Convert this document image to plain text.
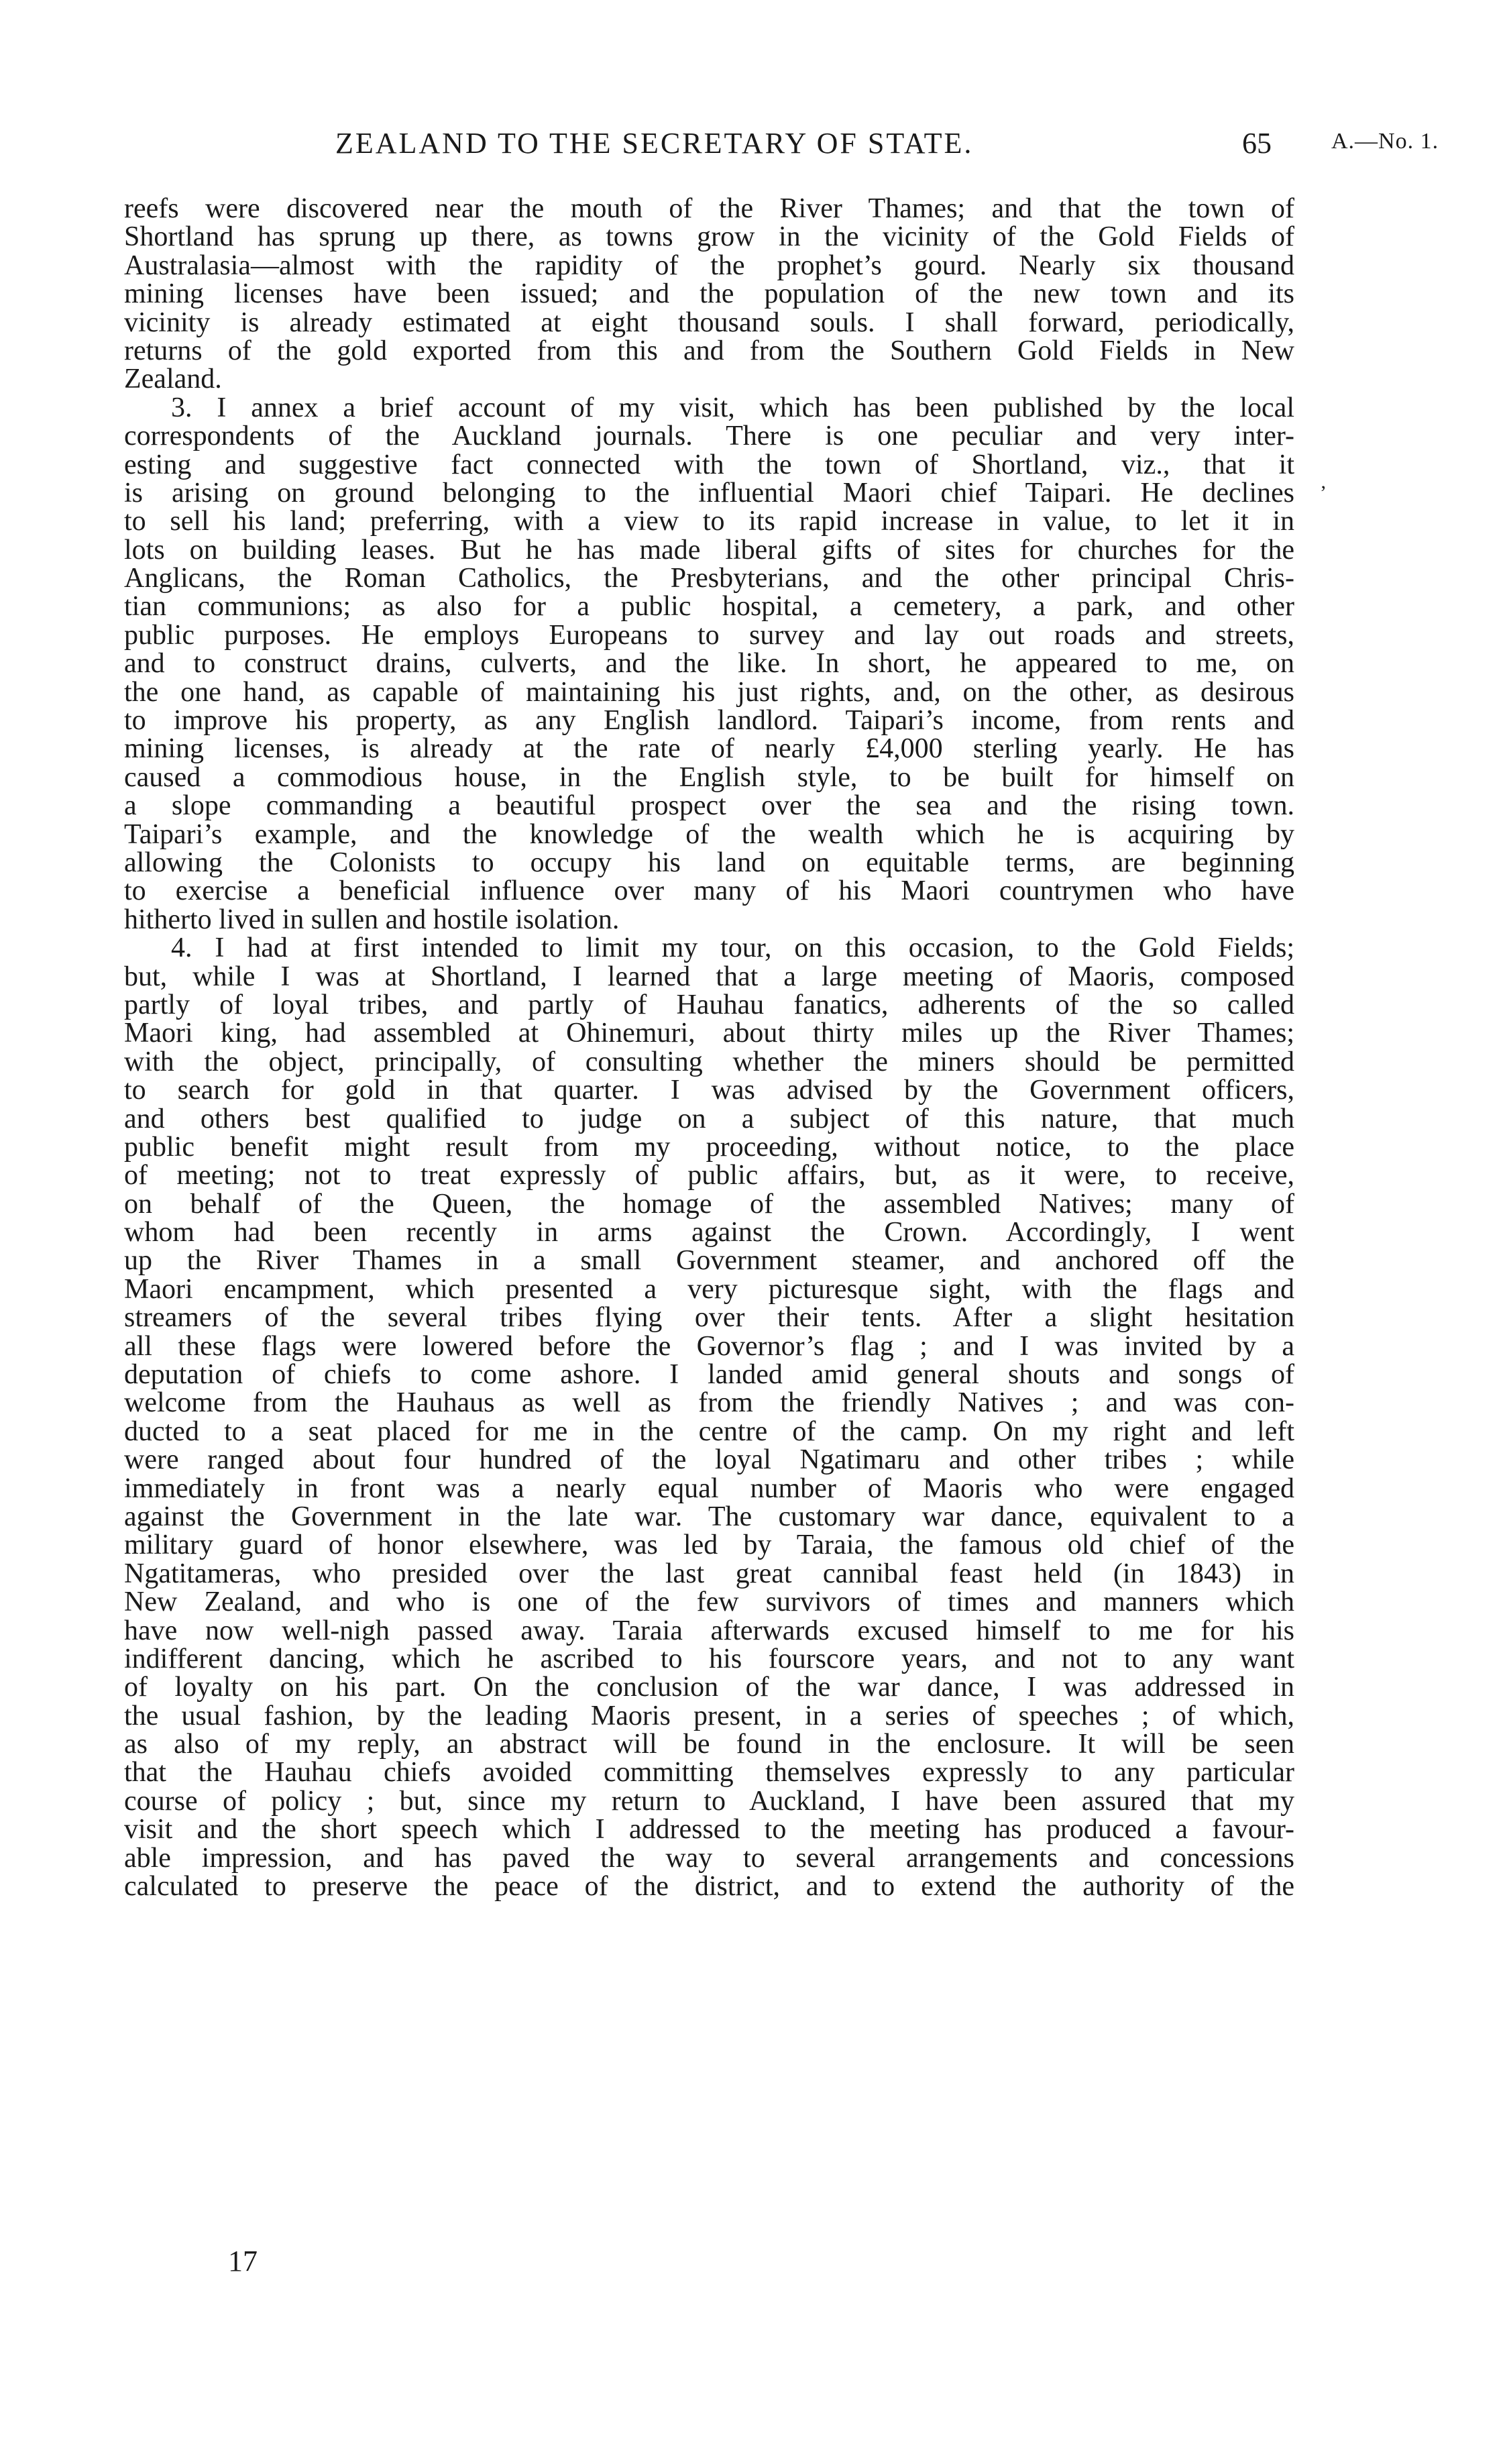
ZEALAND TO THE SECRETARY OF STATE.	65	A.—No. 1.
’
reefs were discovered near the mouth of the River Thames; and that the town of
Shortland has sprung up there, as towns grow in the vicinity of the Gold Fields of
Australasia—almost with the rapidity of the prophet’s gourd. Nearly six thousand
mining licenses have been issued; and the population of the new town and its
vicinity is already estimated at eight thousand souls. I shall forward, periodically,
returns of the gold exported from this and from the Southern Gold Fields in New
Zealand.
3. I annex a brief account of my visit, which has been published by the local
correspondents of the Auckland journals. There is one peculiar and very inter-
esting and suggestive fact connected with the town of Shortland, viz., that it
is arising on ground belonging to the influential Maori chief Taipari. He declines
to sell his land; preferring, with a view to its rapid increase in value, to let it in
lots on building leases. But he has made liberal gifts of sites for churches for the
Anglicans, the Roman Catholics, the Presbyterians, and the other principal Chris-
tian communions; as also for a public hospital, a cemetery, a park, and other
public purposes. He employs Europeans to survey and lay out roads and streets,
and to construct drains, culverts, and the like. In short, he appeared to me, on
the one hand, as capable of maintaining his just rights, and, on the other, as desirous
to improve his property, as any English landlord. Taipari’s income, from rents and
mining licenses, is already at the rate of nearly £4,000 sterling yearly. He has
caused a commodious house, in the English style, to be built for himself on
a slope commanding a beautiful prospect over the sea and the rising town.
Taipari’s example, and the knowledge of the wealth which he is acquiring by
allowing the Colonists to occupy his land on equitable terms, are beginning
to exercise a beneficial influence over many of his Maori countrymen who have
hitherto lived in sullen and hostile isolation.
4. I had at first intended to limit my tour, on this occasion, to the Gold Fields;
but, while I was at Shortland, I learned that a large meeting of Maoris, composed
partly of loyal tribes, and partly of Hauhau fanatics, adherents of the so called
Maori king, had assembled at Ohinemuri, about thirty miles up the River Thames;
with the object, principally, of consulting whether the miners should be permitted
to search for gold in that quarter. I was advised by the Government officers,
and others best qualified to judge on a subject of this nature, that much
public benefit might result from my proceeding, without notice, to the place
of meeting; not to treat expressly of public affairs, but, as it were, to receive,
on behalf of the Queen, the homage of the assembled Natives; many of
whom had been recently in arms against the Crown. Accordingly, I went
up the River Thames in a small Government steamer, and anchored off the
Maori encampment, which presented a very picturesque sight, with the flags and
streamers of the several tribes flying over their tents. After a slight hesitation
all these flags were lowered before the Governor’s flag ; and I was invited by a
deputation of chiefs to come ashore. I landed amid general shouts and songs of
welcome from the Hauhaus as well as from the friendly Natives ; and was con-
ducted to a seat placed for me in the centre of the camp. On my right and left
were ranged about four hundred of the loyal Ngatimaru and other tribes ; while
immediately in front was a nearly equal number of Maoris who were engaged
against the Government in the late war. The customary war dance, equivalent to a
military guard of honor elsewhere, was led by Taraia, the famous old chief of the
Ngatitameras, who presided over the last great cannibal feast held (in 1843) in
New Zealand, and who is one of the few survivors of times and manners which
have now well-nigh passed away. Taraia afterwards excused himself to me for his
indifferent dancing, which he ascribed to his fourscore years, and not to any want
of loyalty on his part. On the conclusion of the war dance, I was addressed in
the usual fashion, by the leading Maoris present, in a series of speeches ; of which,
as also of my reply, an abstract will be found in the enclosure. It will be seen
that the Hauhau chiefs avoided committing themselves expressly to any particular
course of policy ; but, since my return to Auckland, I have been assured that my
visit and the short speech which I addressed to the meeting has produced a favour-
able impression, and has paved the way to several arrangements and concessions
calculated to preserve the peace of the district, and to extend the authority of the
17
